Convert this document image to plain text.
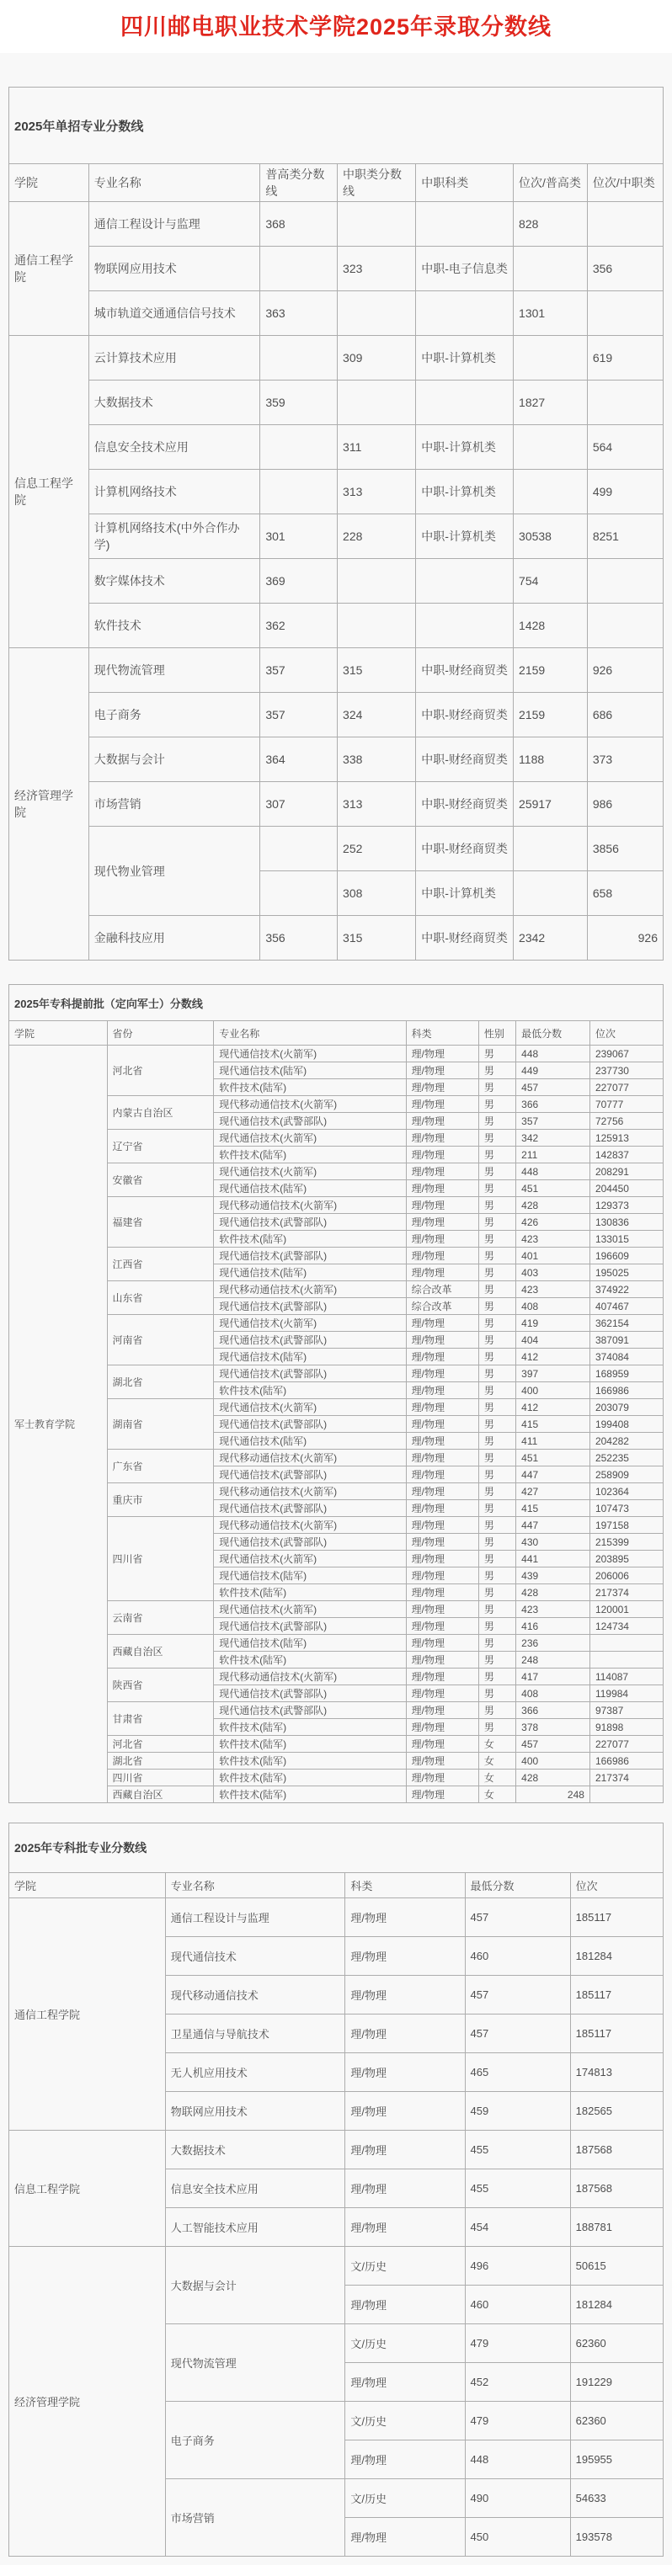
四川邮电职业技术学院2025年录取分数线
2025年单招专业分数线						
学院	专业名称	普高类分数线	中职类分数线	中职科类	位次/普高类	位次/中职类
通信工程学院	通信工程设计与监理	368			828	
	物联网应用技术		323	中职-电子信息类		356
	城市轨道交通通信信号技术	363			1301	
信息工程学院	云计算技术应用		309	中职-计算机类		619
	大数据技术	359			1827	
	信息安全技术应用		311	中职-计算机类		564
	计算机网络技术		313	中职-计算机类		499
	计算机网络技术(中外合作办学)	301	228	中职-计算机类	30538	8251
	数字媒体技术	369			754	
	软件技术	362			1428	
经济管理学院	现代物流管理	357	315	中职-财经商贸类	2159	926
	电子商务	357	324	中职-财经商贸类	2159	686
	大数据与会计	364	338	中职-财经商贸类	1188	373
	市场营销	307	313	中职-财经商贸类	25917	986
	现代物业管理		252	中职-财经商贸类		3856
			308	中职-计算机类		658
	金融科技应用	356	315	中职-财经商贸类	2342	926
2025年专科提前批（定向军士）分数线						
学院	省份	专业名称	科类	性别	最低分数	位次
军士教育学院	河北省	现代通信技术(火箭军)	理/物理	男	448	239067
		现代通信技术(陆军)	理/物理	男	449	237730
		软件技术(陆军)	理/物理	男	457	227077
	内蒙古自治区	现代移动通信技术(火箭军)	理/物理	男	366	70777
		现代通信技术(武警部队)	理/物理	男	357	72756
	辽宁省	现代通信技术(火箭军)	理/物理	男	342	125913
		软件技术(陆军)	理/物理	男	211	142837
	安徽省	现代通信技术(火箭军)	理/物理	男	448	208291
		现代通信技术(陆军)	理/物理	男	451	204450
	福建省	现代移动通信技术(火箭军)	理/物理	男	428	129373
		现代通信技术(武警部队)	理/物理	男	426	130836
		软件技术(陆军)	理/物理	男	423	133015
	江西省	现代通信技术(武警部队)	理/物理	男	401	196609
		现代通信技术(陆军)	理/物理	男	403	195025
	山东省	现代移动通信技术(火箭军)	综合改革	男	423	374922
		现代通信技术(武警部队)	综合改革	男	408	407467
	河南省	现代通信技术(火箭军)	理/物理	男	419	362154
		现代通信技术(武警部队)	理/物理	男	404	387091
		现代通信技术(陆军)	理/物理	男	412	374084
	湖北省	现代通信技术(武警部队)	理/物理	男	397	168959
		软件技术(陆军)	理/物理	男	400	166986
	湖南省	现代通信技术(火箭军)	理/物理	男	412	203079
		现代通信技术(武警部队)	理/物理	男	415	199408
		现代通信技术(陆军)	理/物理	男	411	204282
	广东省	现代移动通信技术(火箭军)	理/物理	男	451	252235
		现代通信技术(武警部队)	理/物理	男	447	258909
	重庆市	现代移动通信技术(火箭军)	理/物理	男	427	102364
		现代通信技术(武警部队)	理/物理	男	415	107473
	四川省	现代移动通信技术(火箭军)	理/物理	男	447	197158
		现代通信技术(武警部队)	理/物理	男	430	215399
		现代通信技术(火箭军)	理/物理	男	441	203895
		现代通信技术(陆军)	理/物理	男	439	206006
		软件技术(陆军)	理/物理	男	428	217374
	云南省	现代通信技术(火箭军)	理/物理	男	423	120001
		现代通信技术(武警部队)	理/物理	男	416	124734
	西藏自治区	现代通信技术(陆军)	理/物理	男	236	
		软件技术(陆军)	理/物理	男	248	
	陕西省	现代移动通信技术(火箭军)	理/物理	男	417	114087
		现代通信技术(武警部队)	理/物理	男	408	119984
	甘肃省	现代通信技术(武警部队)	理/物理	男	366	97387
		软件技术(陆军)	理/物理	男	378	91898
	河北省	软件技术(陆军)	理/物理	女	457	227077
	湖北省	软件技术(陆军)	理/物理	女	400	166986
	四川省	软件技术(陆军)	理/物理	女	428	217374
	西藏自治区	软件技术(陆军)	理/物理	女	248	
2025年专科批专业分数线				
学院	专业名称	科类	最低分数	位次
通信工程学院	通信工程设计与监理	理/物理	457	185117
	现代通信技术	理/物理	460	181284
	现代移动通信技术	理/物理	457	185117
	卫星通信与导航技术	理/物理	457	185117
	无人机应用技术	理/物理	465	174813
	物联网应用技术	理/物理	459	182565
信息工程学院	大数据技术	理/物理	455	187568
	信息安全技术应用	理/物理	455	187568
	人工智能技术应用	理/物理	454	188781
经济管理学院	大数据与会计	文/历史	496	50615
		理/物理	460	181284
	现代物流管理	文/历史	479	62360
		理/物理	452	191229
	电子商务	文/历史	479	62360
		理/物理	448	195955
	市场营销	文/历史	490	54633
		理/物理	450	193578
